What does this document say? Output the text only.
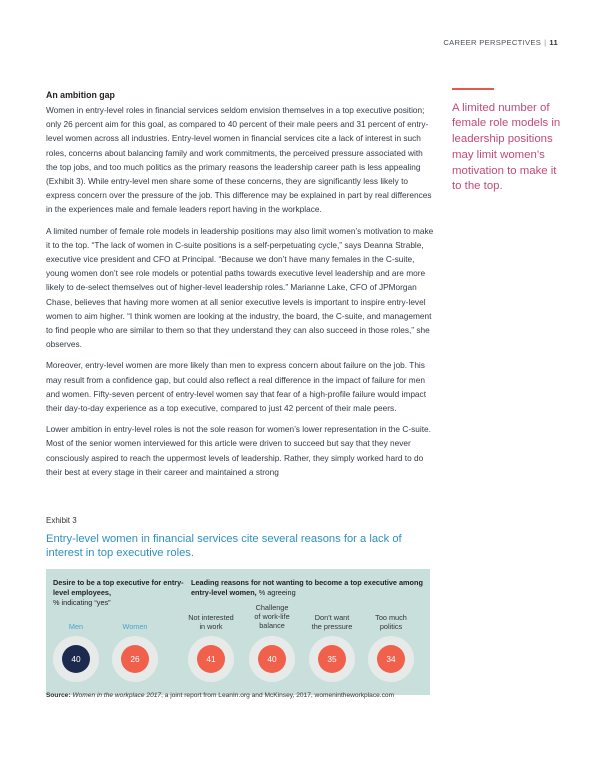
CAREER PERSPECTIVES | 11
An ambition gap

Women in entry-level roles in financial services seldom envision themselves in a top executive position; only 26 percent aim for this goal, as compared to 40 percent of their male peers and 31 percent of entry-level women across all industries. Entry-level women in financial services cite a lack of interest in such roles, concerns about balancing family and work commitments, the perceived pressure associated with the top jobs, and too much politics as the primary reasons the leadership career path is less appealing (Exhibit 3). While entry-level men share some of these concerns, they are significantly less likely to express concern over the pressure of the job. This difference may be explained in part by real differences in the experiences male and female leaders report having in the workplace.

A limited number of female role models in leadership positions may also limit women’s motivation to make it to the top. “The lack of women in C-suite positions is a self-perpetuating cycle,” says Deanna Strable, executive vice president and CFO at Principal. “Because we don’t have many females in the C-suite, young women don’t see role models or potential paths towards executive level leadership and are more likely to de-select themselves out of higher-level leadership roles.” Marianne Lake, CFO of JPMorgan Chase, believes that having more women at all senior executive levels is important to inspire entry-level women to aim higher. “I think women are looking at the industry, the board, the C-suite, and management to find people who are similar to them so that they understand they can also succeed in those roles,” she observes.

Moreover, entry-level women are more likely than men to express concern about failure on the job. This may result from a confidence gap, but could also reflect a real difference in the impact of failure for men and women. Fifty-seven percent of entry-level women say that fear of a high-profile failure would impact their day-to-day experience as a top executive, compared to just 42 percent of their male peers.

Lower ambition in entry-level roles is not the sole reason for women’s lower representation in the C-suite. Most of the senior women interviewed for this article were driven to succeed but say that they never consciously aspired to reach the uppermost levels of leadership. Rather, they simply worked hard to do their best at every stage in their career and maintained a strong

A limited number of female role models in leadership positions may limit women’s motivation to make it to the top.
Exhibit 3
Entry-level women in financial services cite several reasons for a lack of interest in top executive roles.
Desire to be a top executive for entry-level employees,
% indicating “yes”
Leading reasons for not wanting to become a top executive among entry-level women, % agreeing
Men	Women
Not interested
in work
Challenge
of work-life
balance
Don’t want
the pressure
Too much
politics
40	26	41	40	35	34
Source: Women in the workplace 2017, a joint report from LeanIn.org and McKinsey, 2017, womenintheworkplace.com
